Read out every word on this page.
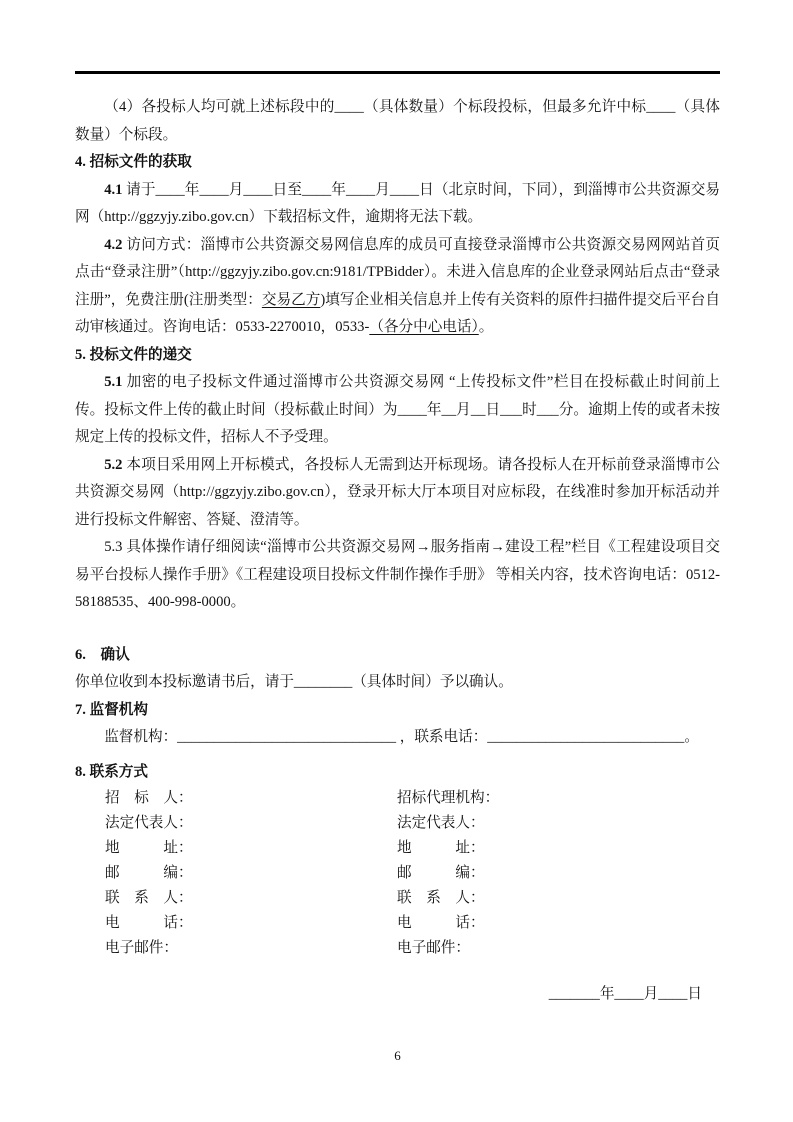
（4）各投标人均可就上述标段中的____（具体数量）个标段投标，但最多允许中标____（具体数量）个标段。

4. 招标文件的获取

4.1 请于____年____月____日至____年____月____日（北京时间，下同），到淄博市公共资源交易网（http://ggzyjy.zibo.gov.cn）下载招标文件，逾期将无法下载。

4.2 访问方式：淄博市公共资源交易网信息库的成员可直接登录淄博市公共资源交易网网站首页点击“登录注册”（http://ggzyjy.zibo.gov.cn:9181/TPBidder）。未进入信息库的企业登录网站后点击“登录注册”，免费注册(注册类型：交易乙方)填写企业相关信息并上传有关资料的原件扫描件提交后平台自动审核通过。咨询电话：0533-2270010，0533-（各分中心电话）。

5. 投标文件的递交

5.1 加密的电子投标文件通过淄博市公共资源交易网 “上传投标文件”栏目在投标截止时间前上传。投标文件上传的截止时间（投标截止时间）为____年__月__日___时___分。逾期上传的或者未按规定上传的投标文件，招标人不予受理。

5.2 本项目采用网上开标模式，各投标人无需到达开标现场。请各投标人在开标前登录淄博市公共资源交易网（http://ggzyjy.zibo.gov.cn），登录开标大厅本项目对应标段，在线准时参加开标活动并进行投标文件解密、答疑、澄清等。

5.3 具体操作请仔细阅读“淄博市公共资源交易网→服务指南→建设工程”栏目《工程建设项目交易平台投标人操作手册》《工程建设项目投标文件制作操作手册》 等相关内容，技术咨询电话：0512-58188535、400-998-0000。

6.　确认

你单位收到本投标邀请书后，请于________（具体时间）予以确认。

7. 监督机构

监督机构：______________________________ ，联系电话：___________________________。

8. 联系方式

招　标　人：	招标代理机构：
法定代表人：	法定代表人：
地　　　址：	地　　　址：
邮　　　编：	邮　　　编：
联　系　人：	联　系　人：
电　　　话：	电　　　话：
电子邮件：	电子邮件：

_______年____月____日

6
